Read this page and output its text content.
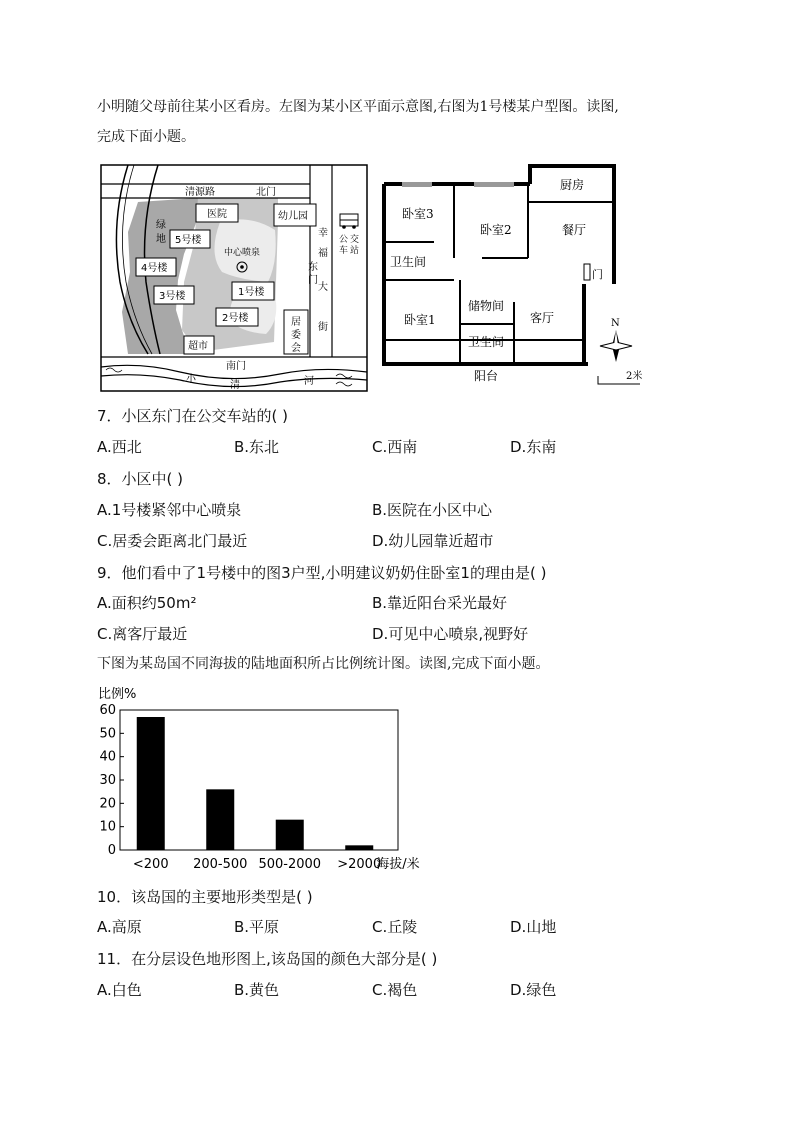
小明随父母前往某小区看房。左图为某小区平面示意图,右图为1号楼某户型图。读图,
完成下面小题。
清源路	北门
医院	幼儿园
绿
地 5号楼
中心喷泉
4号楼
3号楼	1号楼
2号楼	居
委
会
超市
南门
小
清	河
东
门
幸
福
大
街
公 交
车 站
厨房
卧室3
卧室2	餐厅
卫生间
门
储物间
卧室1	客厅
卫生间
阳台
N
2米
7．小区东门在公交车站的( )
A.西北	B.东北	C.西南	D.东南
8．小区中( )
A.1号楼紧邻中心喷泉	B.医院在小区中心
C.居委会距离北门最近	D.幼儿园靠近超市
9．他们看中了1号楼中的图3户型,小明建议奶奶住卧室1的理由是( )
A.面积约50m²	B.靠近阳台采光最好
C.离客厅最近	D.可见中心喷泉,视野好
下图为某岛国不同海拔的陆地面积所占比例统计图。读图,完成下面小题。
比例%
0
10
20
30
40
50
60
<200 200-500 500-2000 >2000
海拔/米
10．该岛国的主要地形类型是( )
A.高原	B.平原	C.丘陵	D.山地
11．在分层设色地形图上,该岛国的颜色大部分是( )
A.白色	B.黄色	C.褐色	D.绿色
